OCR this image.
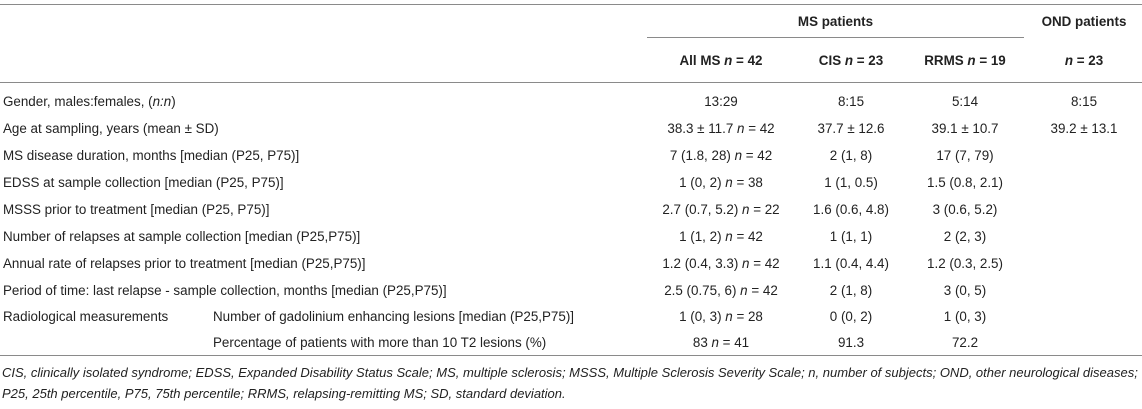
MS patients	OND patients
All MS n = 42	CIS n = 23	RRMS n = 19	n = 23
Gender, males:females, (n:n)	13:29	8:15	5:14	8:15
Age at sampling, years (mean ± SD)	38.3 ± 11.7 n = 42	37.7 ± 12.6	39.1 ± 10.7	39.2 ± 13.1
MS disease duration, months [median (P25, P75)]	7 (1.8, 28) n = 42	2 (1, 8)	17 (7, 79)
EDSS at sample collection [median (P25, P75)]	1 (0, 2) n = 38	1 (1, 0.5)	1.5 (0.8, 2.1)
MSSS prior to treatment [median (P25, P75)]	2.7 (0.7, 5.2) n = 22	1.6 (0.6, 4.8)	3 (0.6, 5.2)
Number of relapses at sample collection [median (P25,P75)]	1 (1, 2) n = 42	1 (1, 1)	2 (2, 3)
Annual rate of relapses prior to treatment [median (P25,P75)]	1.2 (0.4, 3.3) n = 42	1.1 (0.4, 4.4)	1.2 (0.3, 2.5)
Period of time: last relapse - sample collection, months [median (P25,P75)]	2.5 (0.75, 6) n = 42	2 (1, 8)	3 (0, 5)
Radiological measurements	Number of gadolinium enhancing lesions [median (P25,P75)]	1 (0, 3) n = 28	0 (0, 2)	1 (0, 3)
Percentage of patients with more than 10 T2 lesions (%)	83 n = 41	91.3	72.2
CIS, clinically isolated syndrome; EDSS, Expanded Disability Status Scale; MS, multiple sclerosis; MSSS, Multiple Sclerosis Severity Scale; n, number of subjects; OND, other neurological diseases; P25, 25th percentile, P75, 75th percentile; RRMS, relapsing-remitting MS; SD, standard deviation.
